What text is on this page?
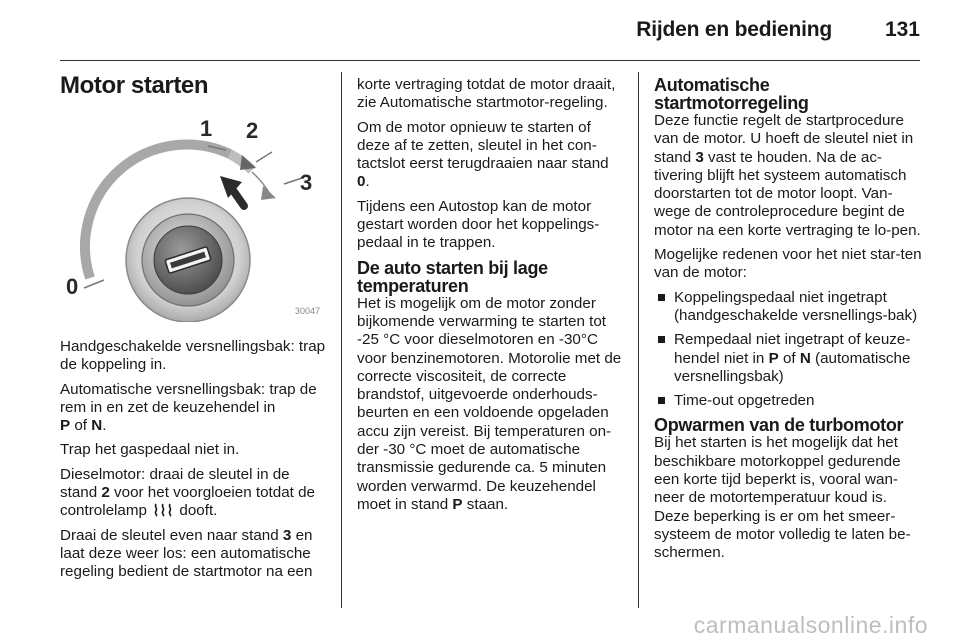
Rijden en bediening	131
Motor starten
1 2
3
0
30047

Handgeschakelde versnellingsbak: trap de koppeling in.

Automatische versnellingsbak: trap de rem in en zet de keuzehendel in
P of N.

Trap het gaspedaal niet in.

Dieselmotor: draai de sleutel in de stand 2 voor het voorgloeien totdat de controlelamp  dooft.

Draai de sleutel even naar stand 3 en laat deze weer los: een automatische regeling bedient de startmotor na een

korte vertraging totdat de motor draait, zie Automatische startmotor-regeling.

Om de motor opnieuw te starten of deze af te zetten, sleutel in het con-tactslot eerst terugdraaien naar stand 0.

Tijdens een Autostop kan de motor gestart worden door het koppelings-pedaal in te trappen.

De auto starten bij lage temperaturen

Het is mogelijk om de motor zonder bijkomende verwarming te starten tot -25 °C voor dieselmotoren en -30°C voor benzinemotoren. Motorolie met de correcte viscositeit, de correcte brandstof, uitgevoerde onderhouds-beurten en een voldoende opgeladen accu zijn vereist. Bij temperaturen on-der -30 °C moet de automatische transmissie gedurende ca. 5 minuten worden verwarmd. De keuzehendel moet in stand P staan.

Automatische startmotorregeling

Deze functie regelt de startprocedure van de motor. U hoeft de sleutel niet in stand 3 vast te houden. Na de ac-tivering blijft het systeem automatisch doorstarten tot de motor loopt. Van-wege de controleprocedure begint de motor na een korte vertraging te lo-pen.

Mogelijke redenen voor het niet star-ten van de motor:

Koppelingspedaal niet ingetrapt (handgeschakelde versnellings-bak)
Rempedaal niet ingetrapt of keuze-hendel niet in P of N (automatische versnellingsbak)
Time-out opgetreden
Opwarmen van de turbomotor

Bij het starten is het mogelijk dat het beschikbare motorkoppel gedurende een korte tijd beperkt is, vooral wan-neer de motortemperatuur koud is. Deze beperking is er om het smeer-systeem de motor volledig te laten be-schermen.

carmanualsonline.info
